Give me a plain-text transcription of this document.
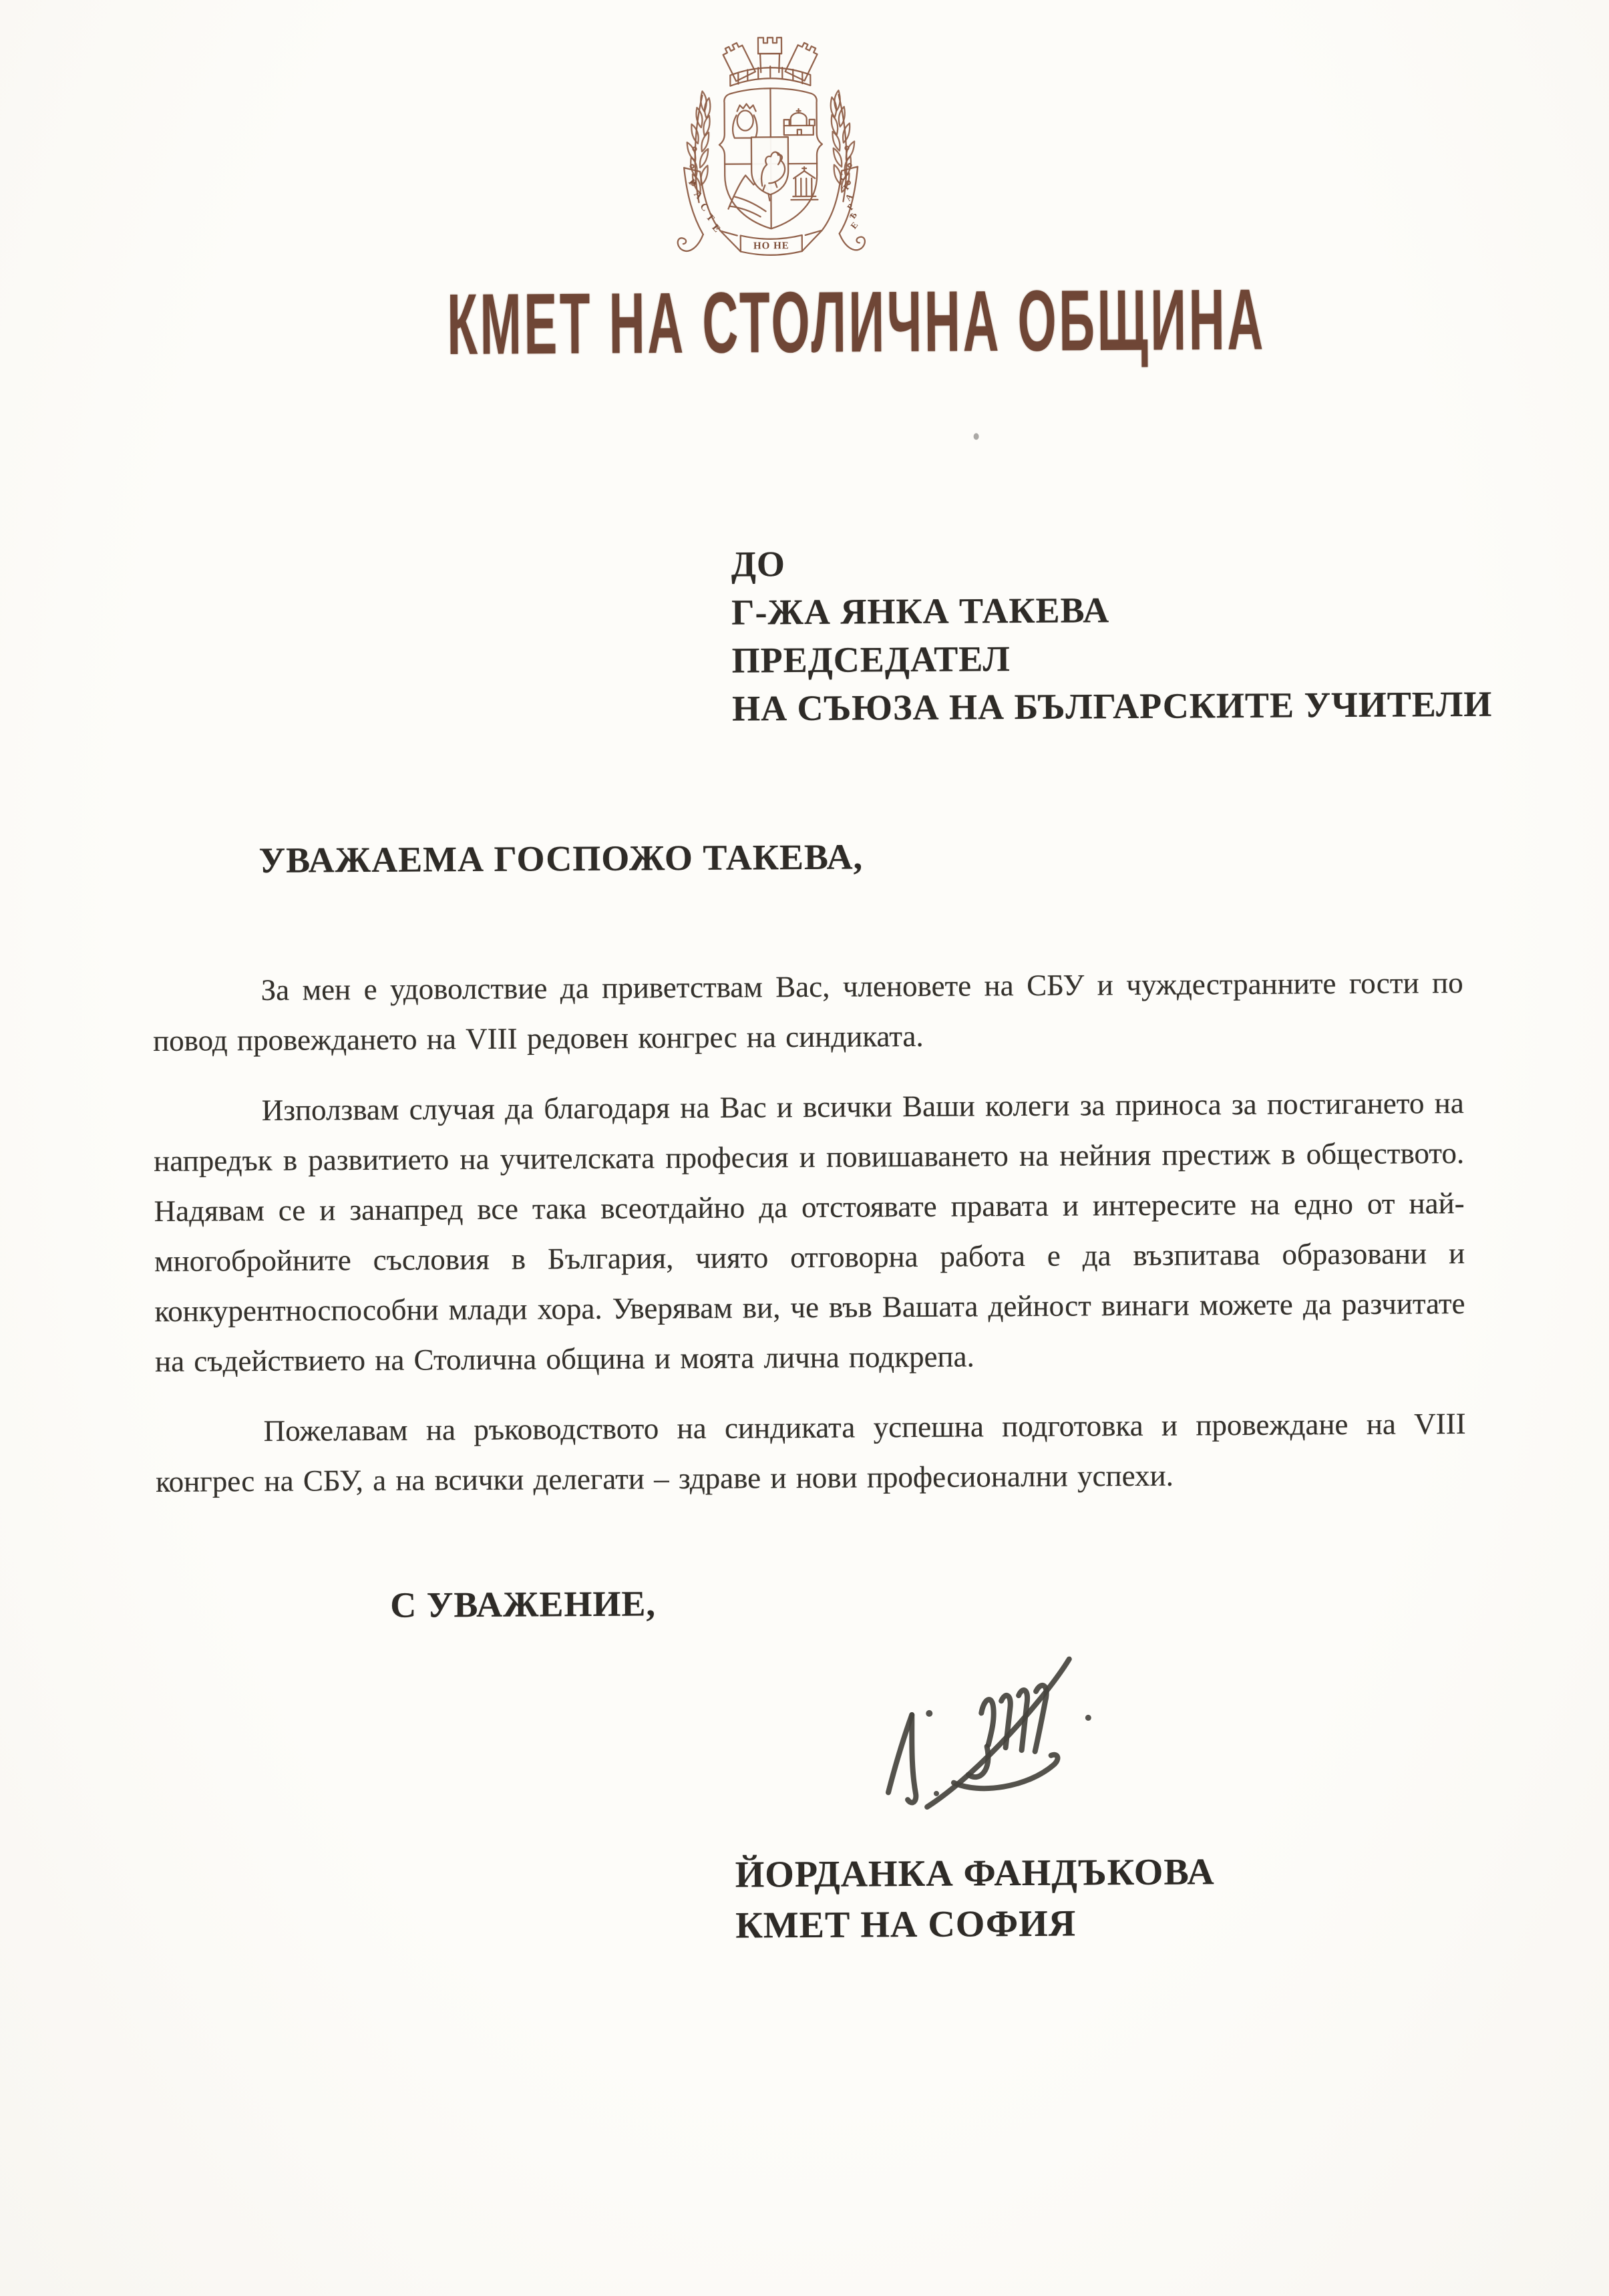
РАСТЕ
НО НЕ
СТАРѢЕ
КМЕТ НА СТОЛИЧНА ОБЩИНА
ДО
Г-ЖА ЯНКА ТАКЕВА
ПРЕДСЕДАТЕЛ
НА СЪЮЗА НА БЪЛГАРСКИТЕ УЧИТЕЛИ
УВАЖАЕМА ГОСПОЖО ТАКЕВА,

За мен е удоволствие да приветствам Вас, членовете на СБУ и чуждестранните гости по повод провеждането на VIII редовен конгрес на синдиката.

Използвам случая да благодаря на Вас и всички Ваши колеги за приноса за постигането на напредък в развитието на учителската професия и повишаването на нейния престиж в обществото. Надявам се и занапред все така всеотдайно да отстоявате правата и интересите на едно от най-многобройните съсловия в България, чиято отговорна работа е да възпитава образовани и конкурентноспособни млади хора. Уверявам ви, че във Вашата дейност винаги можете да разчитате на съдействието на Столична община и моята лична подкрепа.

Пожелавам на ръководството на синдиката успешна подготовка и провеждане на VIII конгрес на СБУ, а на всички делегати – здраве и нови професионални успехи.

С УВАЖЕНИЕ,
ЙОРДАНКА ФАНДЪКОВА
КМЕТ НА СОФИЯ
